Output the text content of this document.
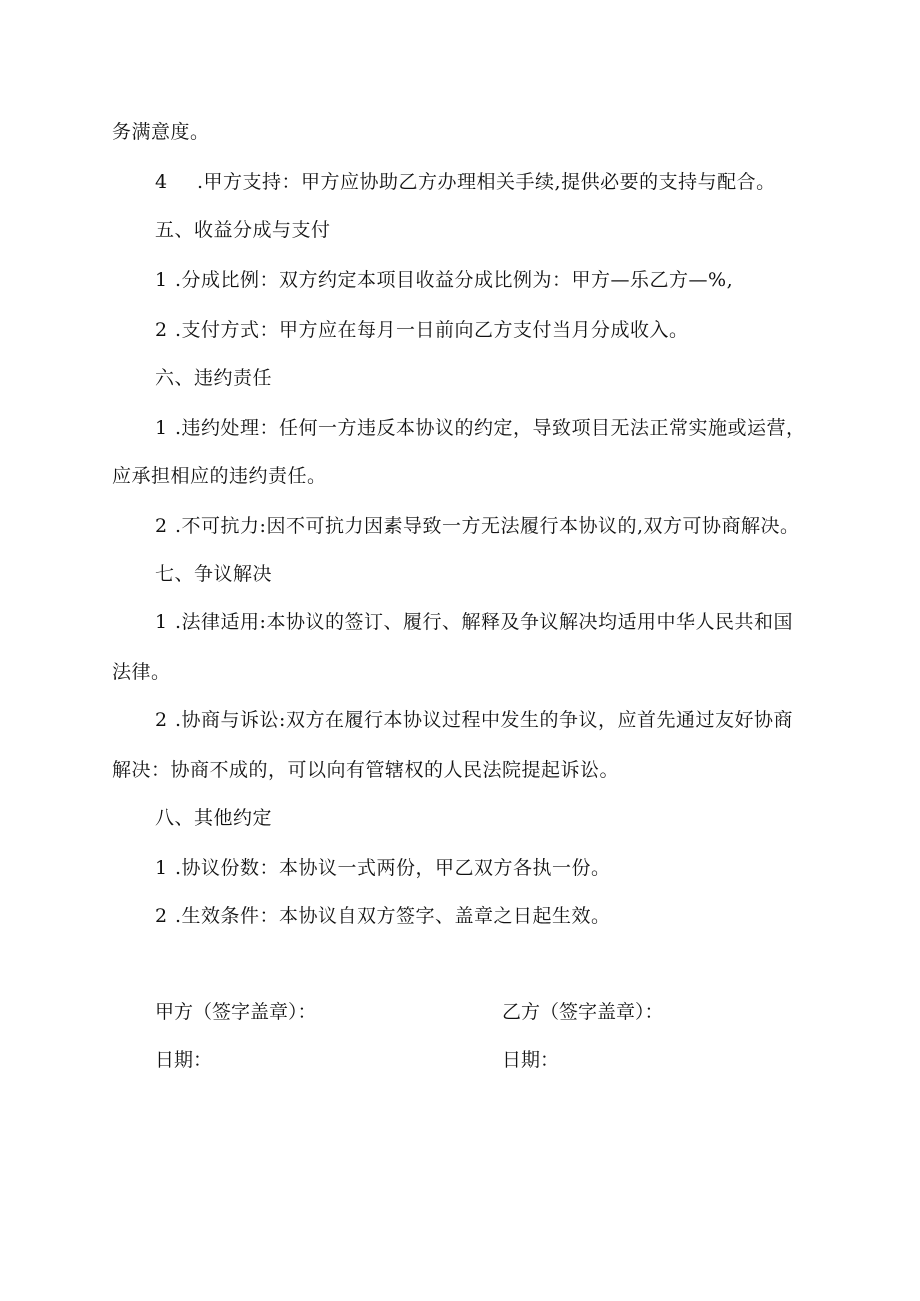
务满意度。
4 .甲方支持：甲方应协助乙方办理相关手续,提供必要的支持与配合。
五、收益分成与支付
1 .分成比例：双方约定本项目收益分成比例为：甲方—乐乙方—%,
2 .支付方式：甲方应在每月一日前向乙方支付当月分成收入。
六、违约责任
1 .违约处理：任何一方违反本协议的约定，导致项目无法正常实施或运营，
应承担相应的违约责任。
2 .不可抗力:因不可抗力因素导致一方无法履行本协议的,双方可协商解决。
七、争议解决
1 .法律适用:本协议的签订、履行、解释及争议解决均适用中华人民共和国
法律。
2 .协商与诉讼:双方在履行本协议过程中发生的争议，应首先通过友好协商
解决：协商不成的，可以向有管辖权的人民法院提起诉讼。
八、其他约定
1 .协议份数：本协议一式两份，甲乙双方各执一份。
2 .生效条件：本协议自双方签字、盖章之日起生效。
甲方（签字盖章）：	乙方（签字盖章）：
日期：	日期：
